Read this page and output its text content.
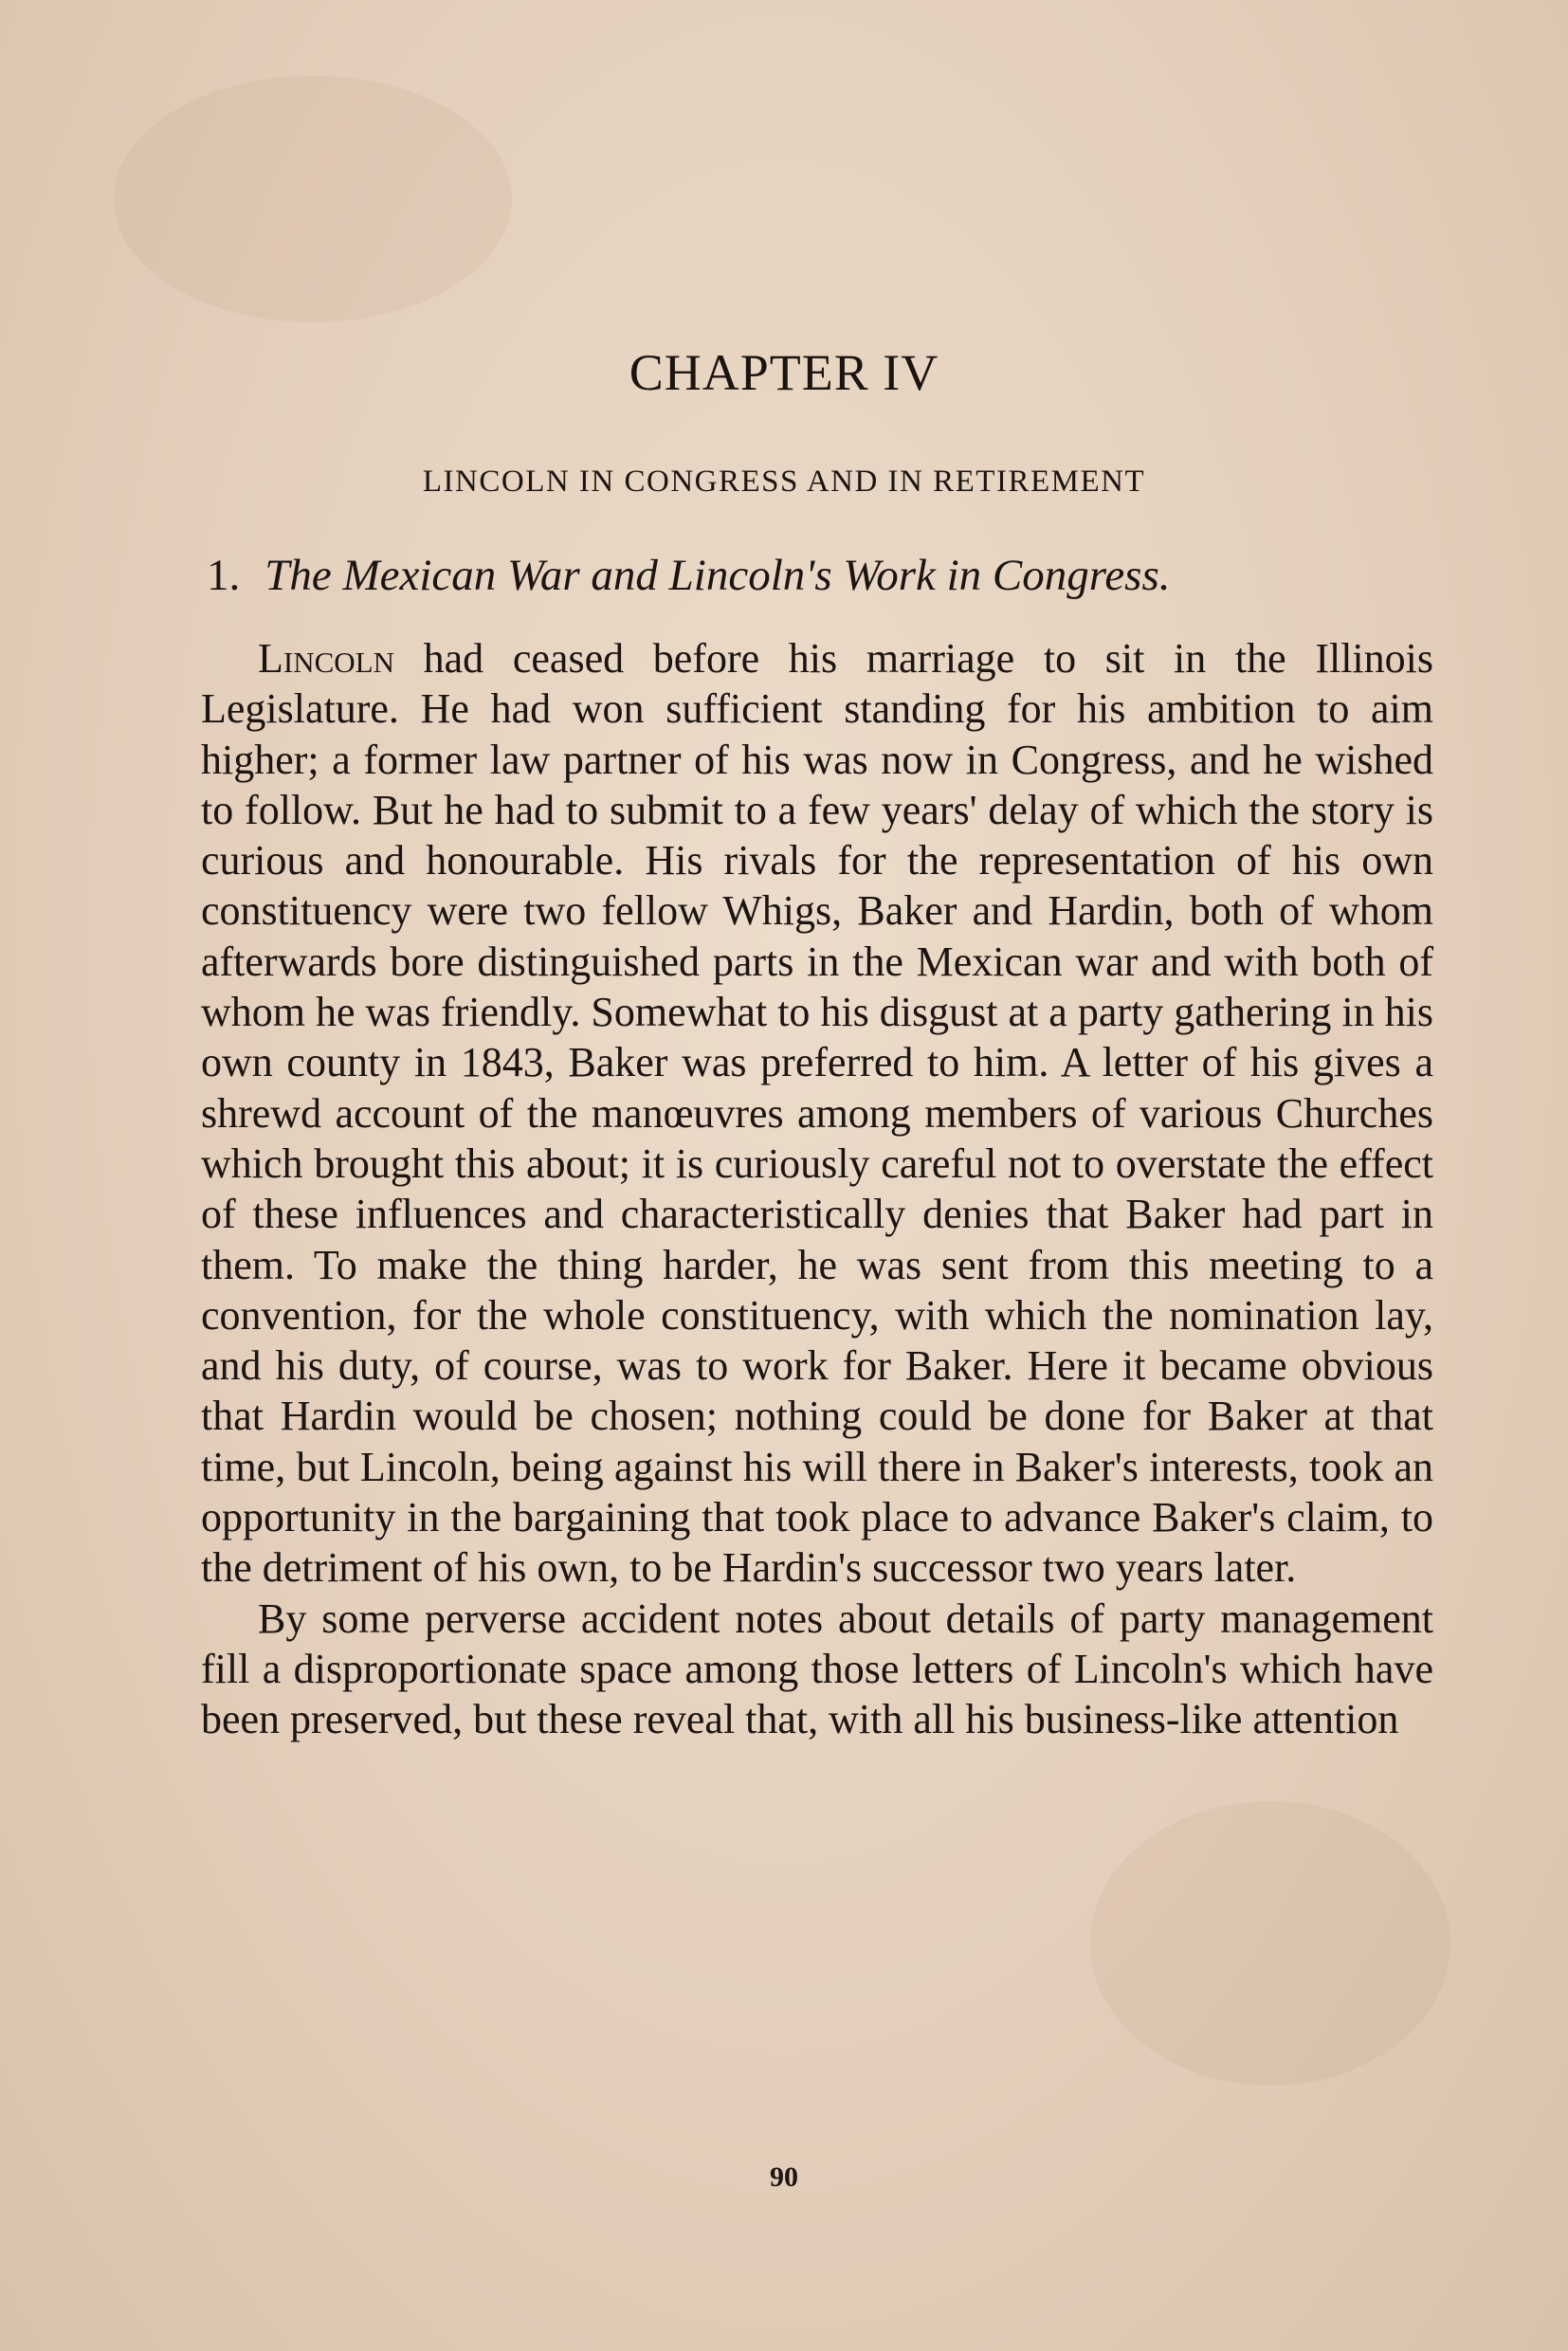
CHAPTER IV
LINCOLN IN CONGRESS AND IN RETIREMENT
1. The Mexican War and Lincoln's Work in Congress.

Lincoln had ceased before his marriage to sit in the Illinois Legislature. He had won sufficient standing for his ambition to aim higher; a former law partner of his was now in Congress, and he wished to follow. But he had to submit to a few years' delay of which the story is curious and honourable. His rivals for the representation of his own constituency were two fellow Whigs, Baker and Hardin, both of whom afterwards bore distinguished parts in the Mexican war and with both of whom he was friendly. Somewhat to his disgust at a party gathering in his own county in 1843, Baker was preferred to him. A letter of his gives a shrewd account of the manœuvres among members of various Churches which brought this about; it is curiously careful not to overstate the effect of these influences and characteristically denies that Baker had part in them. To make the thing harder, he was sent from this meeting to a convention, for the whole constituency, with which the nomination lay, and his duty, of course, was to work for Baker. Here it became obvious that Hardin would be chosen; nothing could be done for Baker at that time, but Lincoln, being against his will there in Baker's interests, took an opportunity in the bargaining that took place to advance Baker's claim, to the detriment of his own, to be Hardin's successor two years later.

By some perverse accident notes about details of party management fill a disproportionate space among those letters of Lincoln's which have been preserved, but these reveal that, with all his business-like attention

90
